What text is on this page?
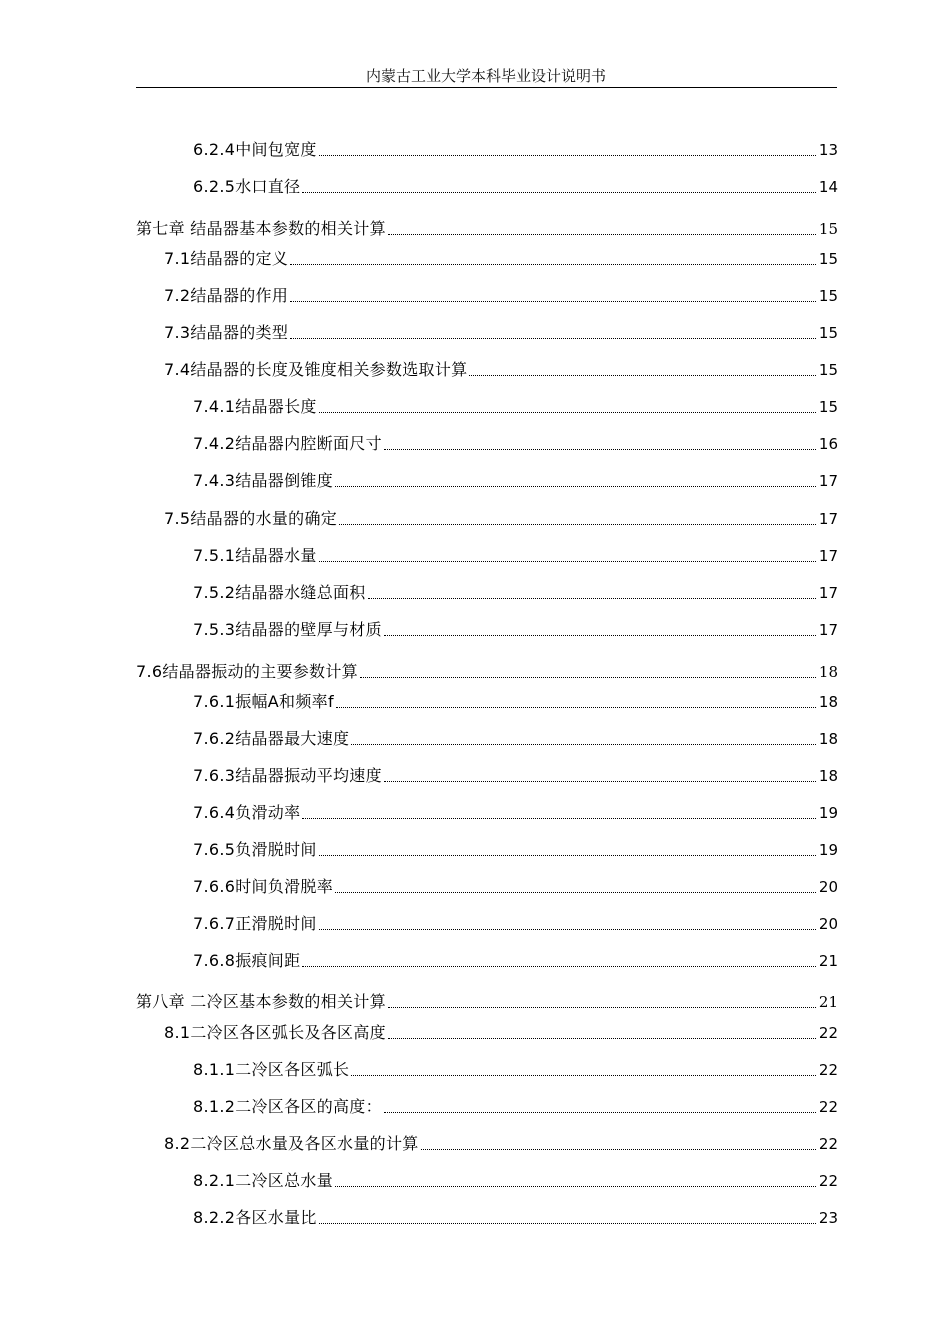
内蒙古工业大学本科毕业设计说明书
6.2.4中间包宽度	13
6.2.5水口直径	14
第七章 结晶器基本参数的相关计算	15
7.1结晶器的定义	15
7.2结晶器的作用	15
7.3结晶器的类型	15
7.4结晶器的长度及锥度相关参数选取计算	15
7.4.1结晶器长度	15
7.4.2结晶器内腔断面尺寸	16
7.4.3结晶器倒锥度	17
7.5结晶器的水量的确定	17
7.5.1结晶器水量	17
7.5.2结晶器水缝总面积	17
7.5.3结晶器的壁厚与材质	17
7.6结晶器振动的主要参数计算	18
7.6.1振幅A和频率f	18
7.6.2结晶器最大速度	18
7.6.3结晶器振动平均速度	18
7.6.4负滑动率	19
7.6.5负滑脱时间	19
7.6.6时间负滑脱率	20
7.6.7正滑脱时间	20
7.6.8振痕间距	21
第八章 二冷区基本参数的相关计算	21
8.1二冷区各区弧长及各区高度	22
8.1.1二冷区各区弧长	22
8.1.2二冷区各区的高度：	22
8.2二冷区总水量及各区水量的计算	22
8.2.1二冷区总水量	22
8.2.2各区水量比	23
